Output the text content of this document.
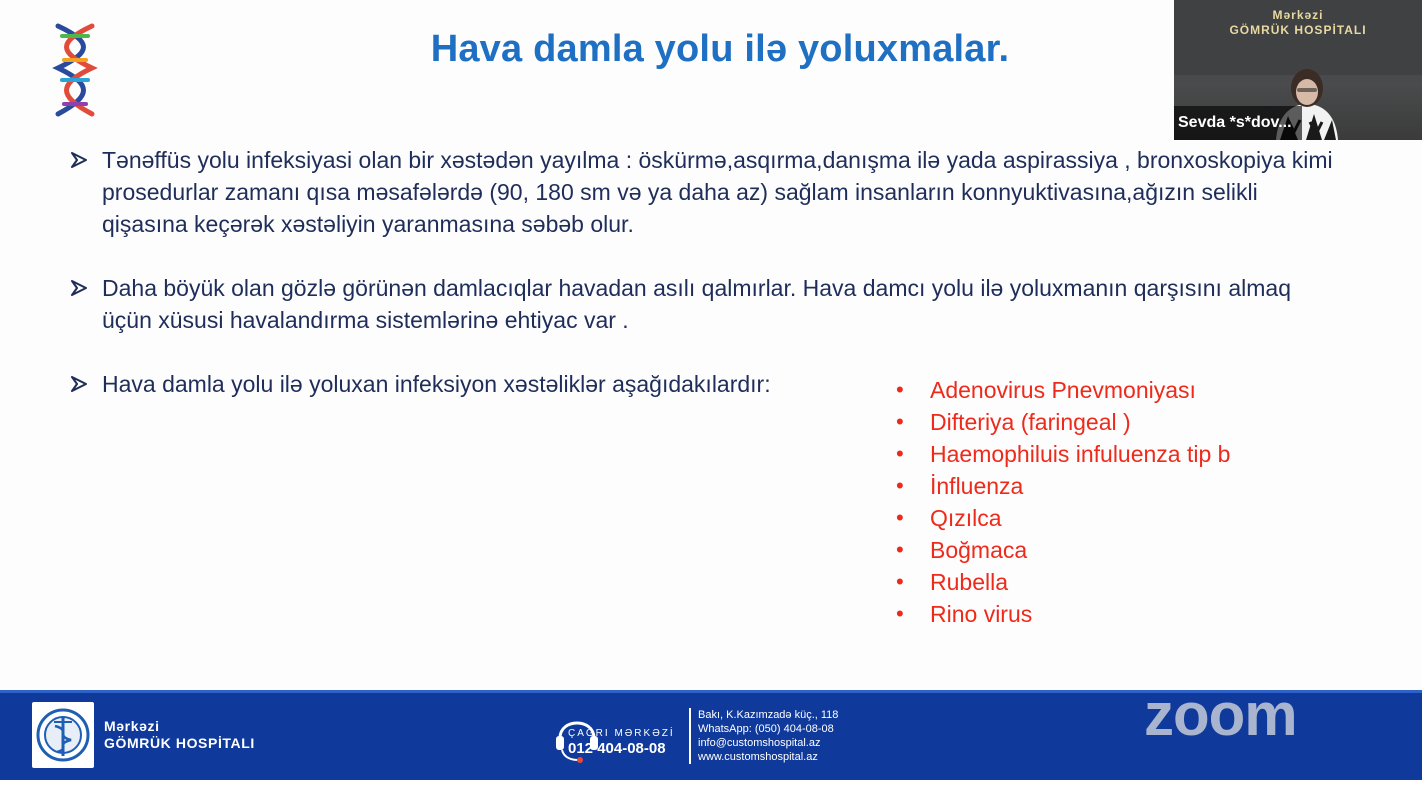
Hava damla yolu ilə yoluxmalar.
Tənəffüs yolu infeksiyasi olan bir xəstədən yayılma : öskürmə,asqırma,danışma ilə yada aspirassiya , bronxoskopiya kimi prosedurlar zamanı qısa məsafələrdə (90, 180 sm və ya daha az) sağlam insanların konnyuktivasına,ağızın selikli qişasına keçərək xəstəliyin yaranmasına səbəb olur.
Daha böyük olan gözlə görünən damlacıqlar havadan asılı qalmırlar. Hava damcı yolu ilə yoluxmanın qarşısını almaq üçün xüsusi havalandırma sistemlərinə ehtiyac var .
Hava damla yolu ilə yoluxan infeksiyon xəstəliklər aşağıdakılardır:	• Adenovirus Pnevmoniyası
• Difteriya (faringeal )
• Haemophiluis infuluenza tip b
• İnfluenza
• Qızılca
• Boğmaca
• Rubella
• Rino virus
Mərkəzi
GÖMRÜK HOSPİTALI
Sevda *s*dov...
Mərkəzi
GÖMRÜK HOSPİTALI
ÇAĞRI MƏRKƏZİ
012 404-08-08
Bakı, K.Kazımzadə küç., 118
WhatsApp: (050) 404-08-08
info@customshospital.az
www.customshospital.az
zoom
